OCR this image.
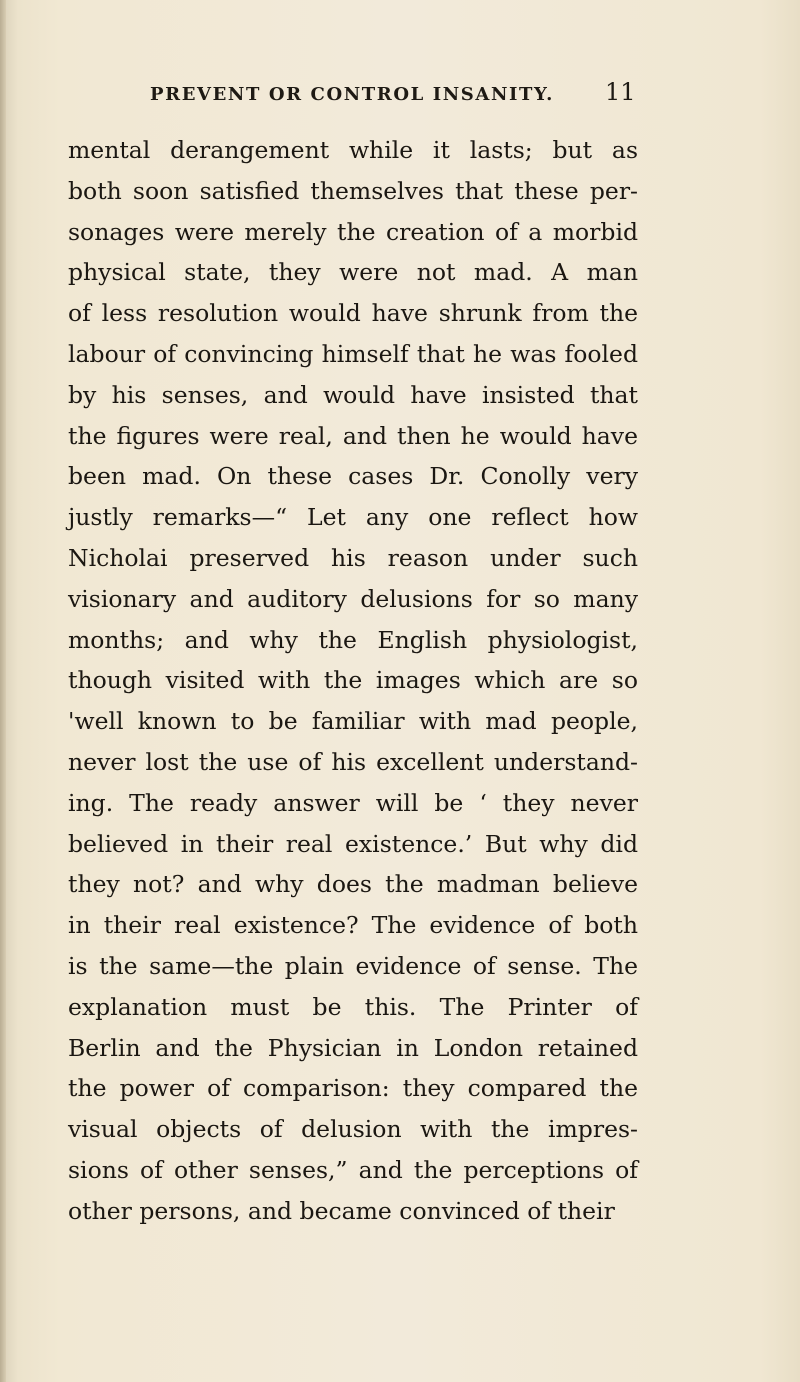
PREVENT OR CONTROL INSANITY. 11
mental derangement while it lasts; but as
both soon satisfied themselves that these per-
sonages were merely the creation of a morbid
physical state, they were not mad. A man
of less resolution would have shrunk from the
labour of convincing himself that he was fooled
by his senses, and would have insisted that
the figures were real, and then he would have
been mad. On these cases Dr. Conolly very
justly remarks—“ Let any one reflect how
Nicholai preserved his reason under such
visionary and auditory delusions for so many
months; and why the English physiologist,
though visited with the images which are so
'well known to be familiar with mad people,
never lost the use of his excellent understand-
ing. The ready answer will be ‘ they never
believed in their real existence.’ But why did
they not? and why does the madman believe
in their real existence? The evidence of both
is the same—the plain evidence of sense. The
explanation must be this. The Printer of
Berlin and the Physician in London retained
the power of comparison: they compared the
visual objects of delusion with the impres-
sions of other senses,” and the perceptions of
other persons, and became convinced of their
